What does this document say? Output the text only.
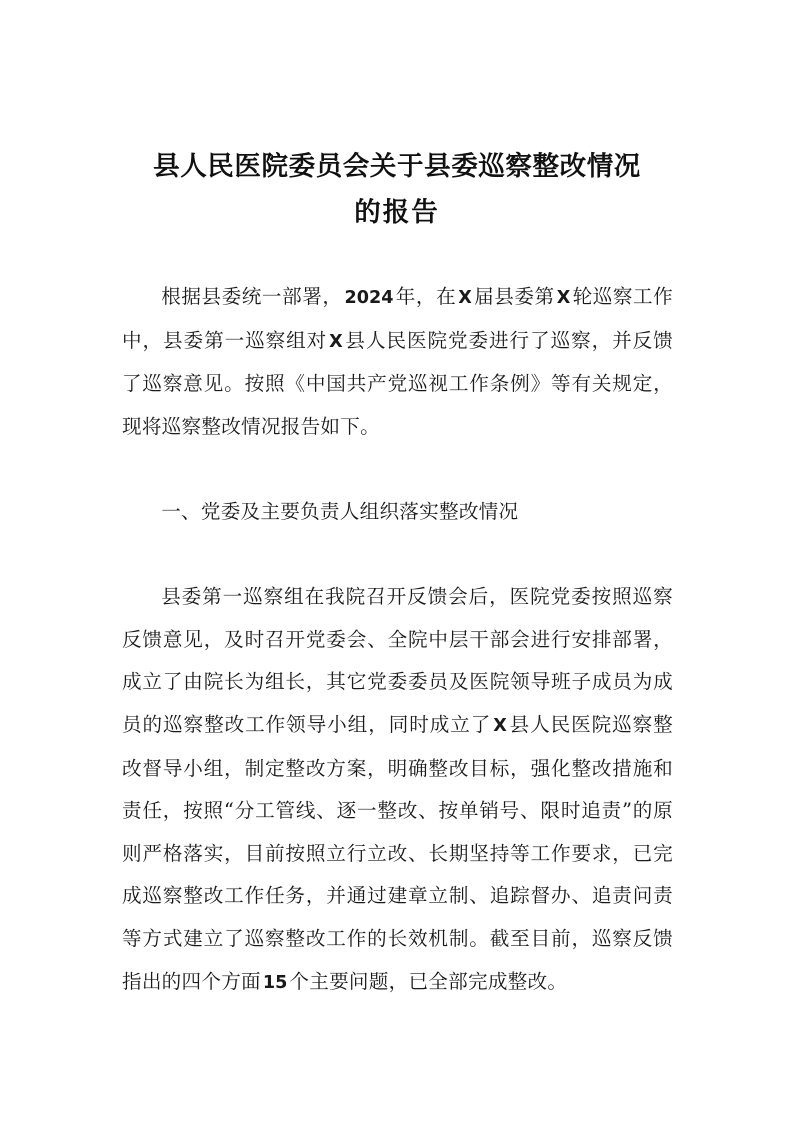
县人民医院委员会关于县委巡察整改情况
的报告

根据县委统一部署， 2024 年，在 X 届县委第 X 轮巡察工作中，县委第一巡察组对 X 县人民医院党委进行了巡察，并反馈了巡察意见。按照《中国共产党巡视工作条例》等有关规定，现将巡察整改情况报告如下。

一、党委及主要负责人组织落实整改情况

县委第一巡察组在我院召开反馈会后，医院党委按照巡察反馈意见，及时召开党委会、全院中层干部会进行安排部署，成立了由院长为组长，其它党委委员及医院领导班子成员为成员的巡察整改工作领导小组，同时成立了 X 县人民医院巡察整改督导小组，制定整改方案，明确整改目标，强化整改措施和责任，按照“分工管线、逐一整改、按单销号、限时追责”的原则严格落实，目前按照立行立改、长期坚持等工作要求，已完成巡察整改工作任务，并通过建章立制、追踪督办、追责问责等方式建立了巡察整改工作的长效机制。截至目前，巡察反馈指出的四个方面 15 个主要问题，已全部完成整改。
